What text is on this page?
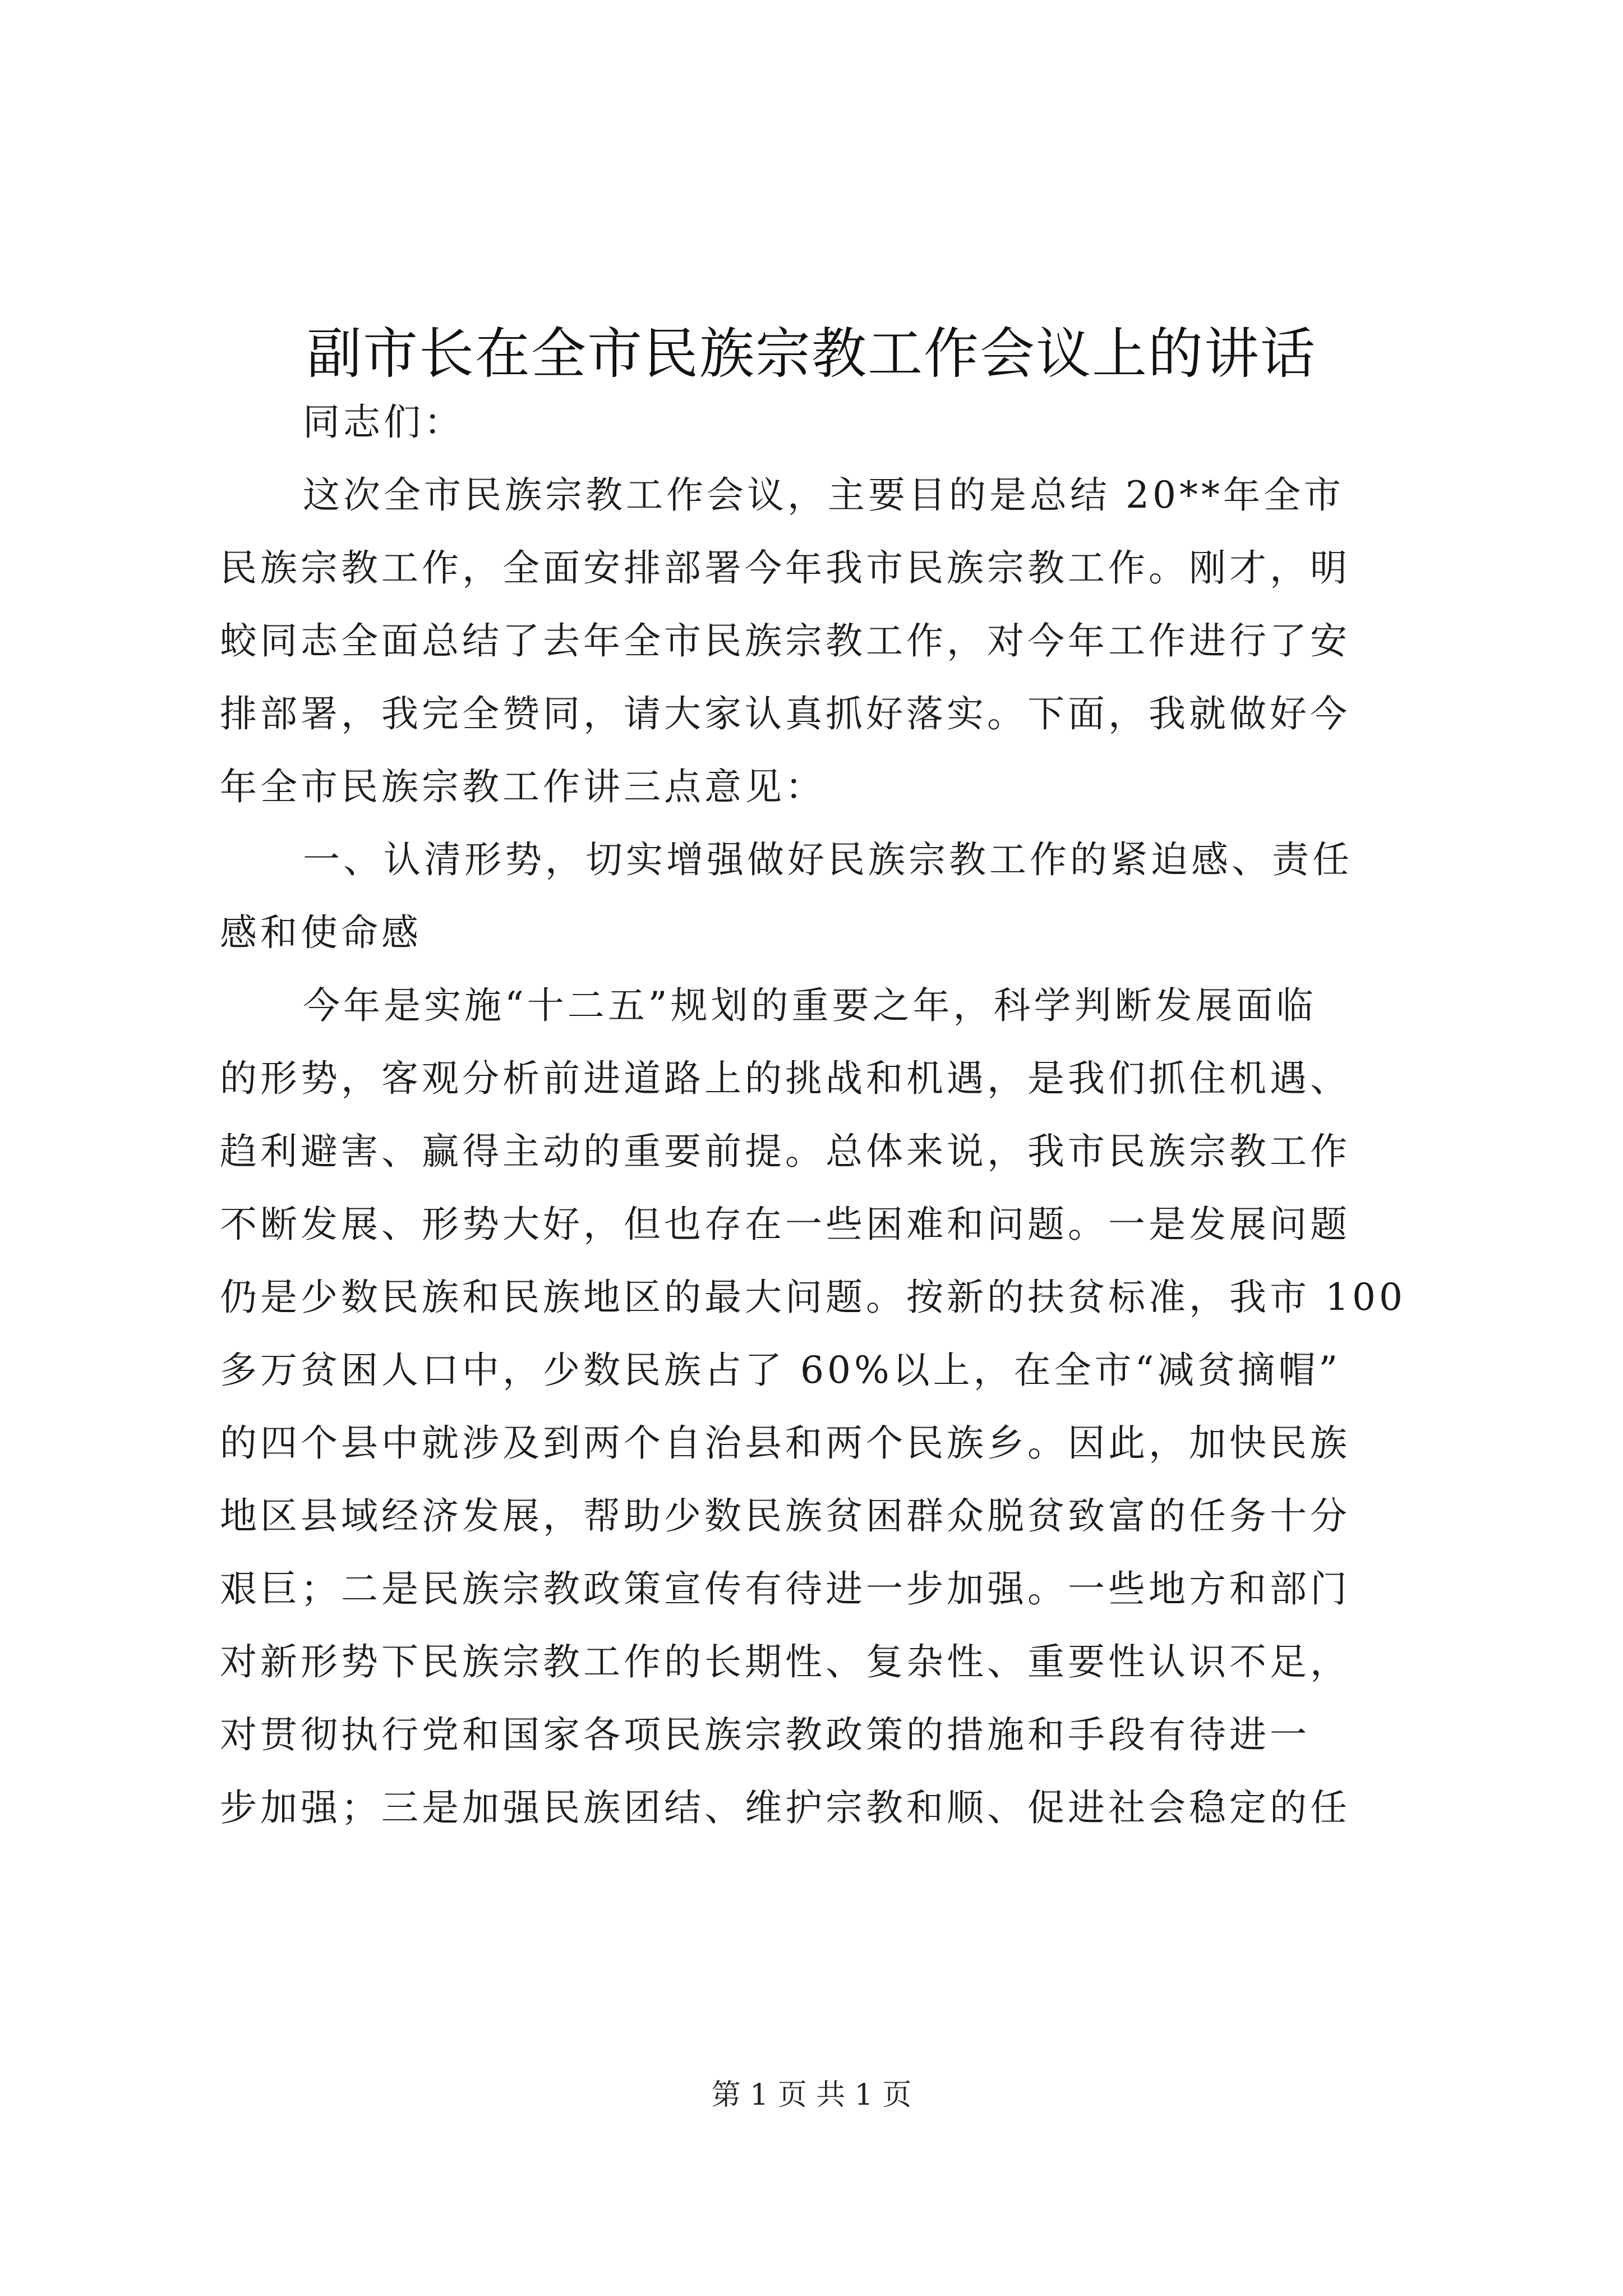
副市长在全市民族宗教工作会议上的讲话
同志们：
这次全市民族宗教工作会议，主要目的是总结 20**年全市
民族宗教工作，全面安排部署今年我市民族宗教工作。刚才，明
蛟同志全面总结了去年全市民族宗教工作，对今年工作进行了安
排部署，我完全赞同，请大家认真抓好落实。下面，我就做好今
年全市民族宗教工作讲三点意见：
一、认清形势，切实增强做好民族宗教工作的紧迫感、责任
感和使命感
今年是实施“十二五”规划的重要之年，科学判断发展面临
的形势，客观分析前进道路上的挑战和机遇，是我们抓住机遇、
趋利避害、赢得主动的重要前提。总体来说，我市民族宗教工作
不断发展、形势大好，但也存在一些困难和问题。一是发展问题
仍是少数民族和民族地区的最大问题。按新的扶贫标准，我市 100
多万贫困人口中，少数民族占了 60%以上，在全市“减贫摘帽”
的四个县中就涉及到两个自治县和两个民族乡。因此，加快民族
地区县域经济发展，帮助少数民族贫困群众脱贫致富的任务十分
艰巨；二是民族宗教政策宣传有待进一步加强。一些地方和部门
对新形势下民族宗教工作的长期性、复杂性、重要性认识不足，
对贯彻执行党和国家各项民族宗教政策的措施和手段有待进一
步加强；三是加强民族团结、维护宗教和顺、促进社会稳定的任
第 1 页 共 1 页
